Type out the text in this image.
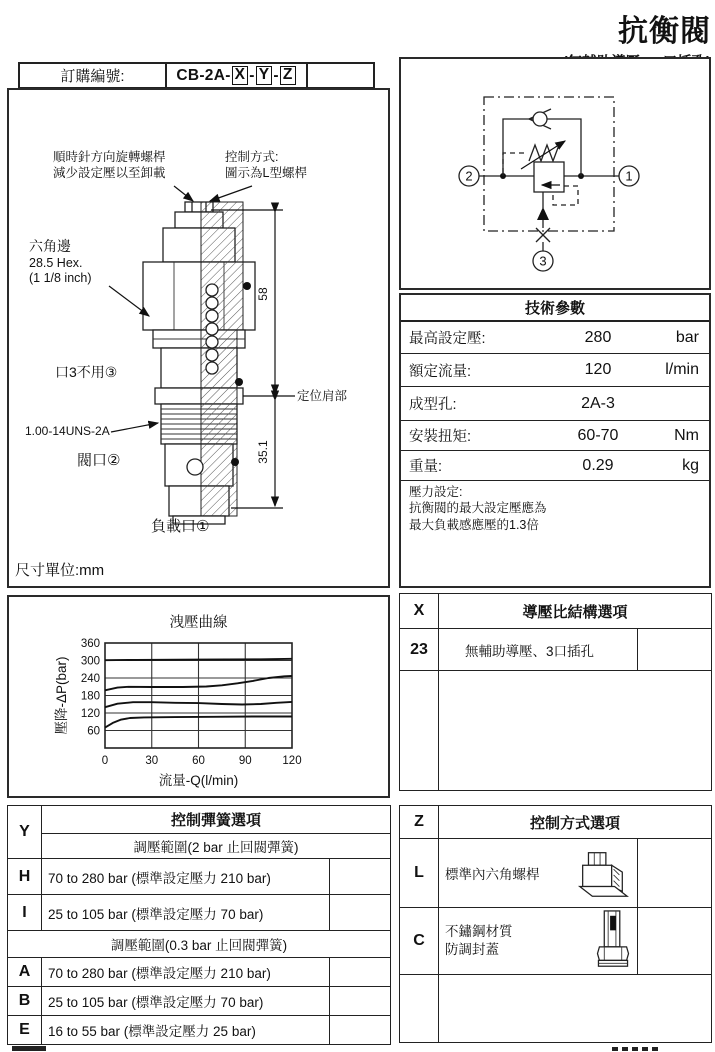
抗衡閥
訂購編號:	CB-2A- X - Y - Z
順時針方向旋轉螺桿
減少設定壓以至卸載
控制方式:
圖示為L型螺桿
六角邊
28.5 Hex.
(1 1/8 inch)
口3不用③
1.00-14UNS-2A
閥口②
負載口①
定位肩部
58
35.1
尺寸單位:mm
2	1
3
技術參數
最高設定壓:	280	bar
額定流量:	120	l/min
成型孔:	2A-3
安裝扭矩:	60-70	Nm
重量:	0.29	kg
壓力設定:
抗衡閥的最大設定壓應為
最大負載感應壓的1.3倍
60
120
180
240
300
360
0	30	60	90	120
洩壓曲線
流量-Q(l/min)
壓降-ΔP(bar)
X	導壓比結構選項	
23	無輔助導壓、3口插孔	

Y	控制彈簧選項	
	調壓範圍(2 bar 止回閥彈簧)	
H	70 to 280 bar (標準設定壓力 210 bar)	
I	25 to 105 bar (標準設定壓力 70 bar)	
調壓範圍(0.3 bar 止回閥彈簧)		
A	70 to 280 bar (標準設定壓力 210 bar)	
B	25 to 105 bar (標準設定壓力 70 bar)	
E	16 to 55 bar (標準設定壓力 25 bar)	
Z	控制方式選項	
L	標準內六角螺桿	

C	不鏽鋼材質
防調封蓋	
